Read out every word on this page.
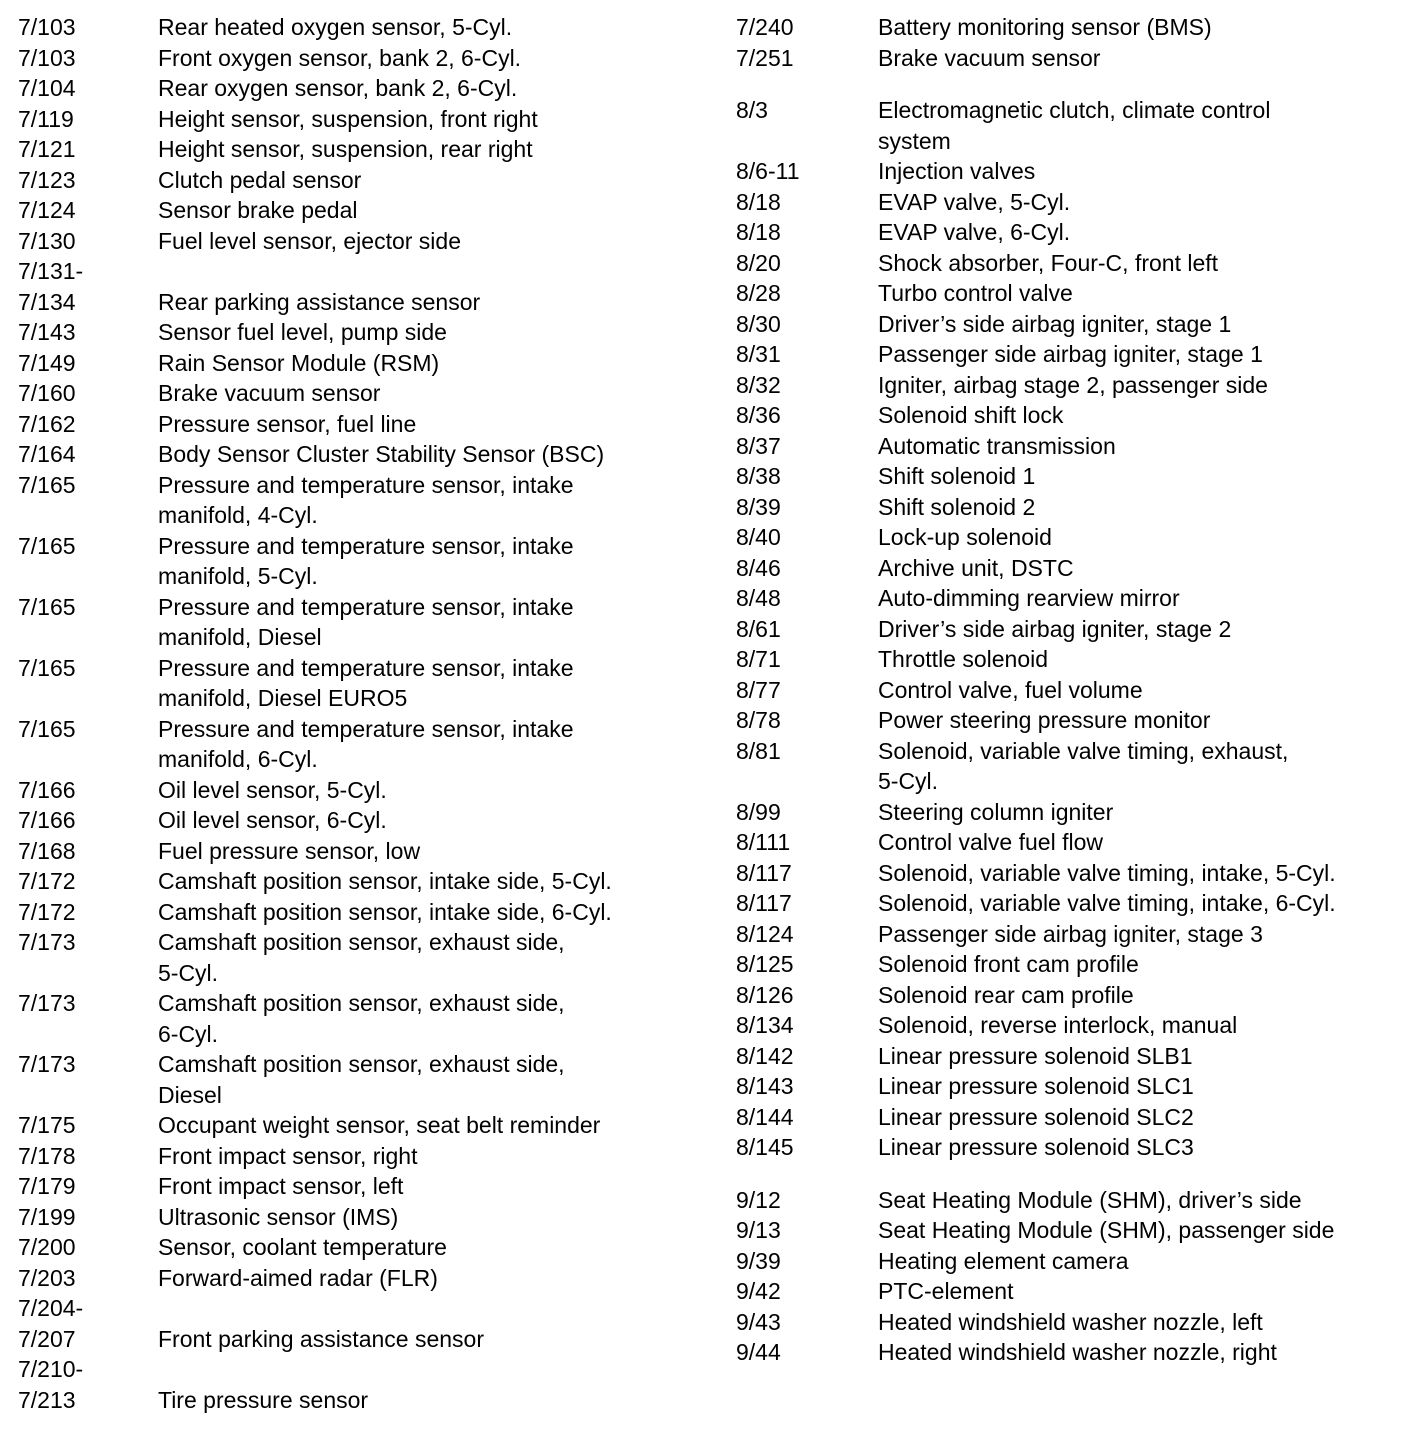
7/103	Rear heated oxygen sensor, 5-Cyl.
7/103	Front oxygen sensor, bank 2, 6-Cyl.
7/104	Rear oxygen sensor, bank 2, 6-Cyl.
7/119	Height sensor, suspension, front right
7/121	Height sensor, suspension, rear right
7/123	Clutch pedal sensor
7/124	Sensor brake pedal
7/130	Fuel level sensor, ejector side
7/131-
7/134	Rear parking assistance sensor
7/143	Sensor fuel level, pump side
7/149	Rain Sensor Module (RSM)
7/160	Brake vacuum sensor
7/162	Pressure sensor, fuel line
7/164	Body Sensor Cluster Stability Sensor (BSC)
7/165	Pressure and temperature sensor, intake
manifold, 4-Cyl.
7/165	Pressure and temperature sensor, intake
manifold, 5-Cyl.
7/165	Pressure and temperature sensor, intake
manifold, Diesel
7/165	Pressure and temperature sensor, intake
manifold, Diesel EURO5
7/165	Pressure and temperature sensor, intake
manifold, 6-Cyl.
7/166	Oil level sensor, 5-Cyl.
7/166	Oil level sensor, 6-Cyl.
7/168	Fuel pressure sensor, low
7/172	Camshaft position sensor, intake side, 5-Cyl.
7/172	Camshaft position sensor, intake side, 6-Cyl.
7/173	Camshaft position sensor, exhaust side,
5-Cyl.
7/173	Camshaft position sensor, exhaust side,
6-Cyl.
7/173	Camshaft position sensor, exhaust side,
Diesel
7/175	Occupant weight sensor, seat belt reminder
7/178	Front impact sensor, right
7/179	Front impact sensor, left
7/199	Ultrasonic sensor (IMS)
7/200	Sensor, coolant temperature
7/203	Forward-aimed radar (FLR)
7/204-
7/207	Front parking assistance sensor
7/210-
7/213	Tire pressure sensor
7/240	Battery monitoring sensor (BMS)
7/251	Brake vacuum sensor
8/3	Electromagnetic clutch, climate control
system
8/6-11	Injection valves
8/18	EVAP valve, 5-Cyl.
8/18	EVAP valve, 6-Cyl.
8/20	Shock absorber, Four-C, front left
8/28	Turbo control valve
8/30	Driver’s side airbag igniter, stage 1
8/31	Passenger side airbag igniter, stage 1
8/32	Igniter, airbag stage 2, passenger side
8/36	Solenoid shift lock
8/37	Automatic transmission
8/38	Shift solenoid 1
8/39	Shift solenoid 2
8/40	Lock-up solenoid
8/46	Archive unit, DSTC
8/48	Auto-dimming rearview mirror
8/61	Driver’s side airbag igniter, stage 2
8/71	Throttle solenoid
8/77	Control valve, fuel volume
8/78	Power steering pressure monitor
8/81	Solenoid, variable valve timing, exhaust,
5-Cyl.
8/99	Steering column igniter
8/111	Control valve fuel flow
8/117	Solenoid, variable valve timing, intake, 5-Cyl.
8/117	Solenoid, variable valve timing, intake, 6-Cyl.
8/124	Passenger side airbag igniter, stage 3
8/125	Solenoid front cam profile
8/126	Solenoid rear cam profile
8/134	Solenoid, reverse interlock, manual
8/142	Linear pressure solenoid SLB1
8/143	Linear pressure solenoid SLC1
8/144	Linear pressure solenoid SLC2
8/145	Linear pressure solenoid SLC3
9/12	Seat Heating Module (SHM), driver’s side
9/13	Seat Heating Module (SHM), passenger side
9/39	Heating element camera
9/42	PTC-element
9/43	Heated windshield washer nozzle, left
9/44	Heated windshield washer nozzle, right
